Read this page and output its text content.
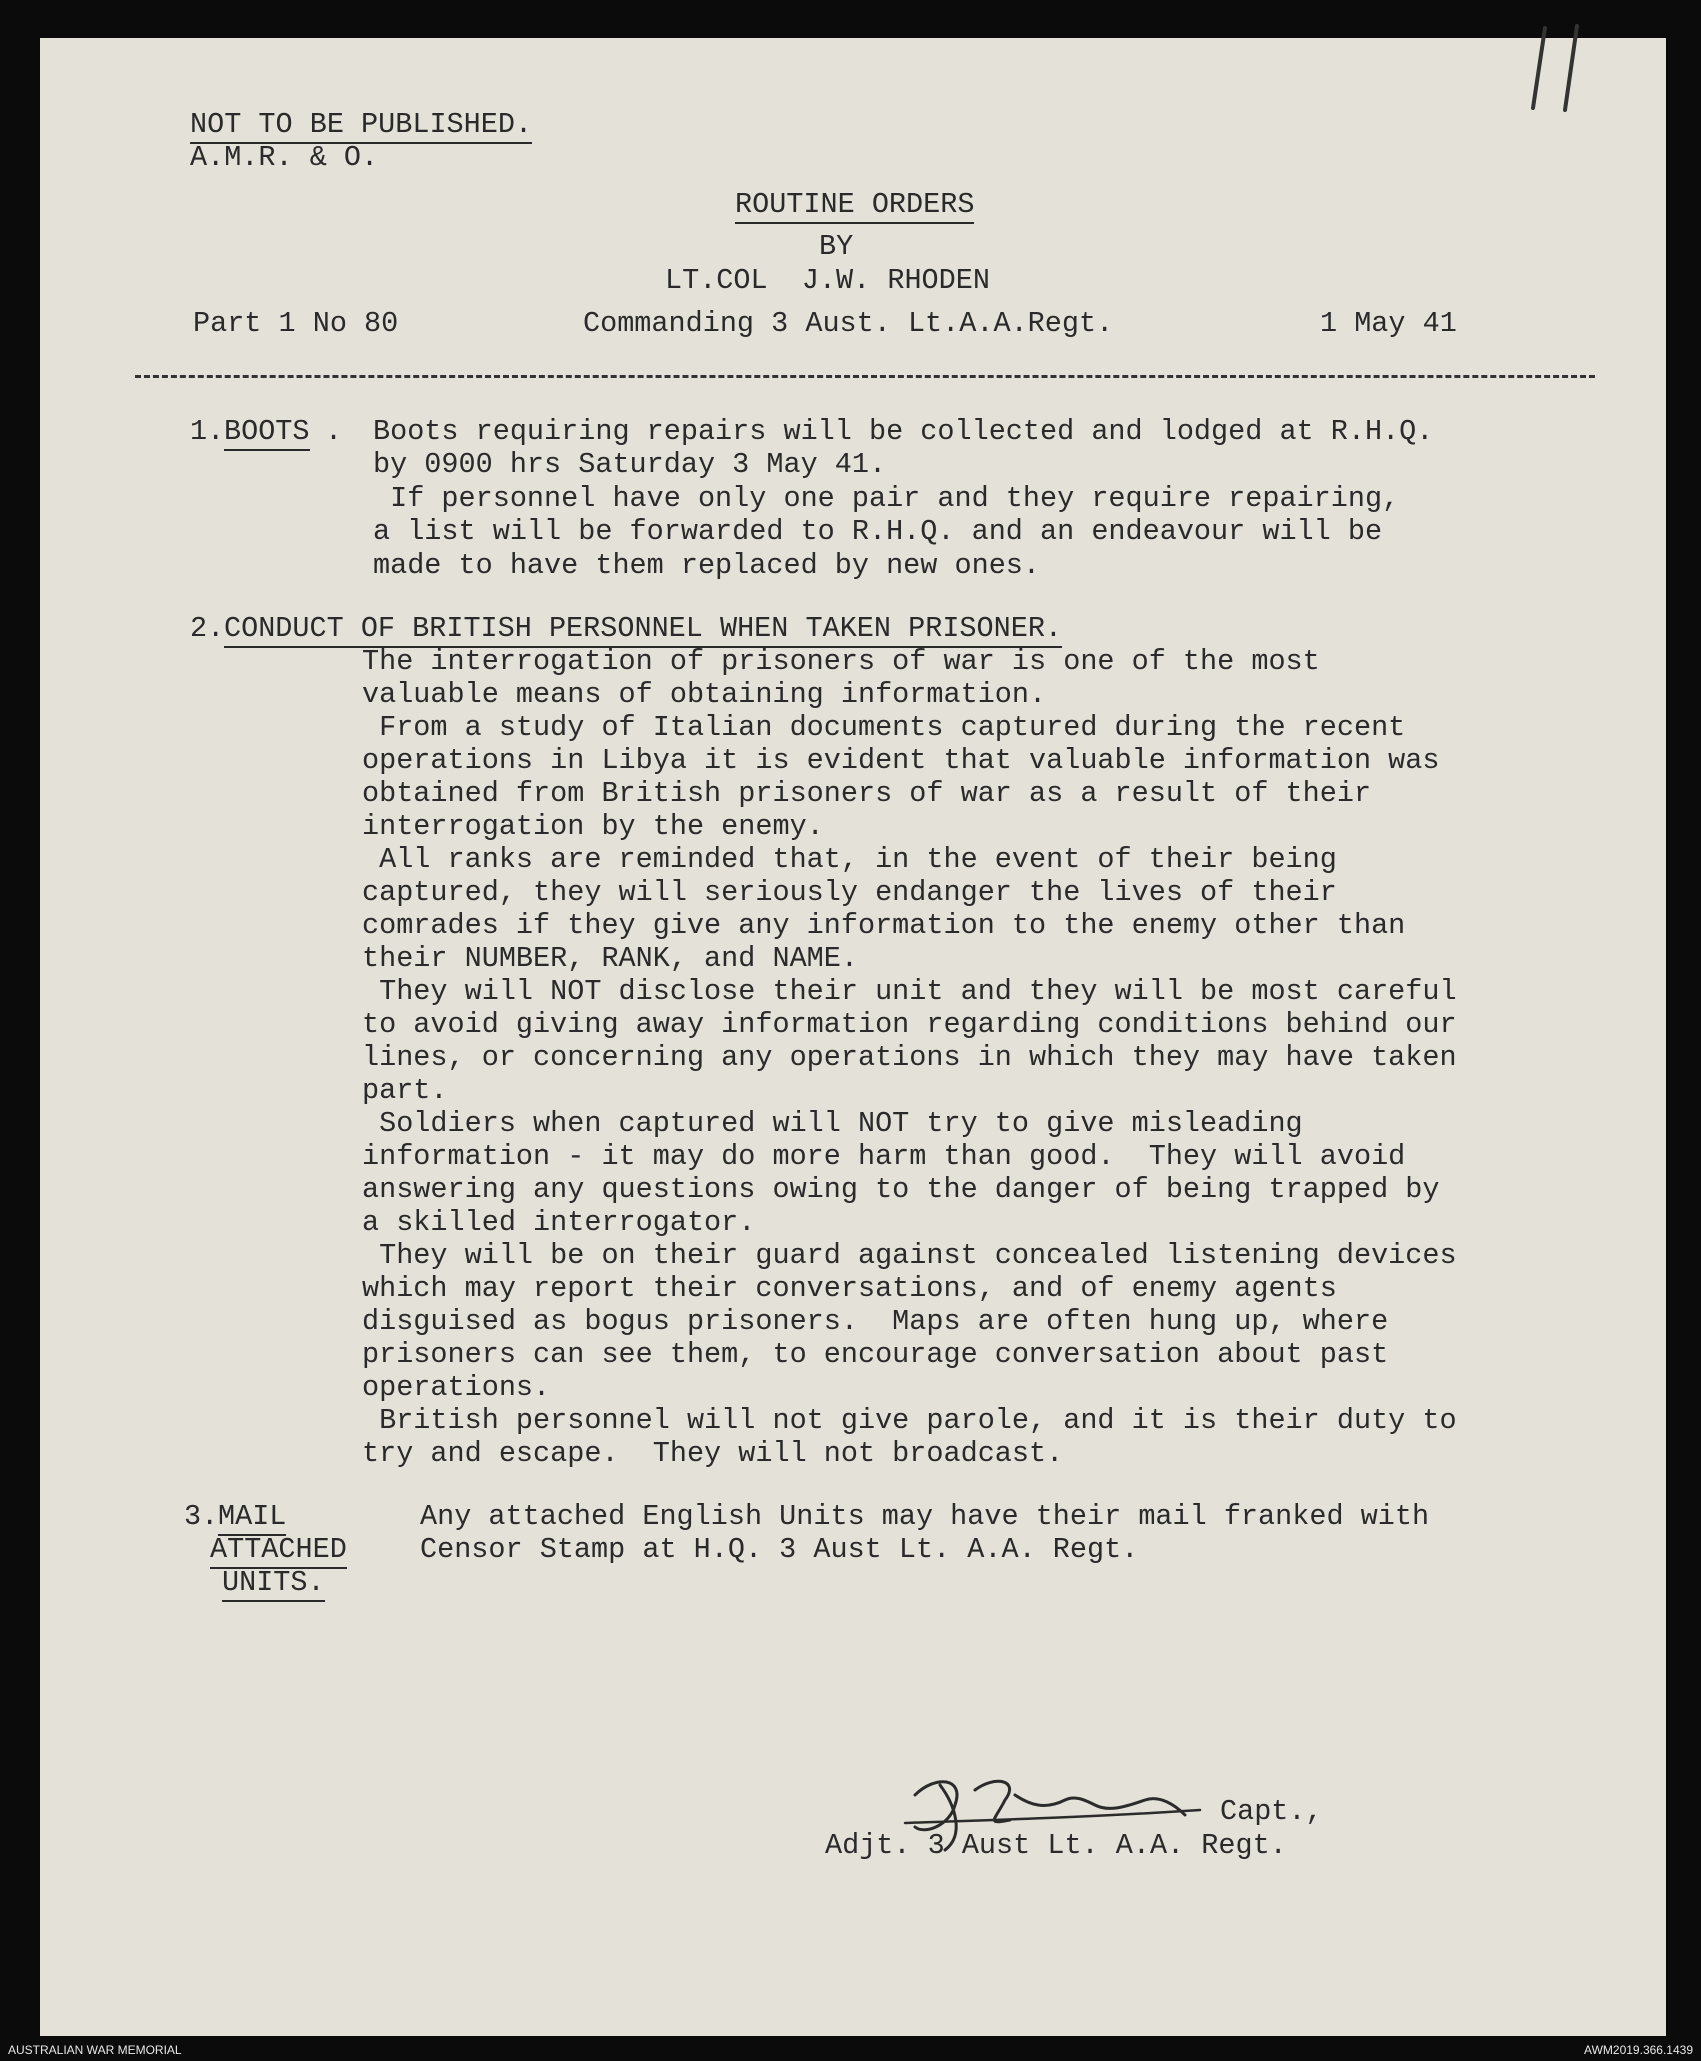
NOT TO BE PUBLISHED.
A.M.R. & O.
11
ROUTINE ORDERS
BY
LT.COL  J.W. RHODEN
Part 1 No 80	Commanding 3 Aust. Lt.A.A.Regt.	1 May 41
1. BOOTS . Boots requiring repairs will be collected and lodged at R.H.Q.
by 0900 hrs Saturday 3 May 41.
If personnel have only one pair and they require repairing,
a list will be forwarded to R.H.Q. and an endeavour will be
made to have them replaced by new ones.
2. CONDUCT OF BRITISH PERSONNEL WHEN TAKEN PRISONER.
The interrogation of prisoners of war is one of the most
valuable means of obtaining information.
From a study of Italian documents captured during the recent
operations in Libya it is evident that valuable information was
obtained from British prisoners of war as a result of their
interrogation by the enemy.
All ranks are reminded that, in the event of their being
captured, they will seriously endanger the lives of their
comrades if they give any information to the enemy other than
their NUMBER, RANK, and NAME.
They will NOT disclose their unit and they will be most careful
to avoid giving away information regarding conditions behind our
lines, or concerning any operations in which they may have taken
part.
Soldiers when captured will NOT try to give misleading
information - it may do more harm than good.  They will avoid
answering any questions owing to the danger of being trapped by
a skilled interrogator.
They will be on their guard against concealed listening devices
which may report their conversations, and of enemy agents
disguised as bogus prisoners.  Maps are often hung up, where
prisoners can see them, to encourage conversation about past
operations.
British personnel will not give parole, and it is their duty to
try and escape.  They will not broadcast.
3. MAIL
ATTACHED
UNITS.
Any attached English Units may have their mail franked with
Censor Stamp at H.Q. 3 Aust Lt. A.A. Regt.
Capt.,
Adjt. 3 Aust Lt. A.A. Regt.
AUSTRALIAN WAR MEMORIAL	AWM2019.366.1439
